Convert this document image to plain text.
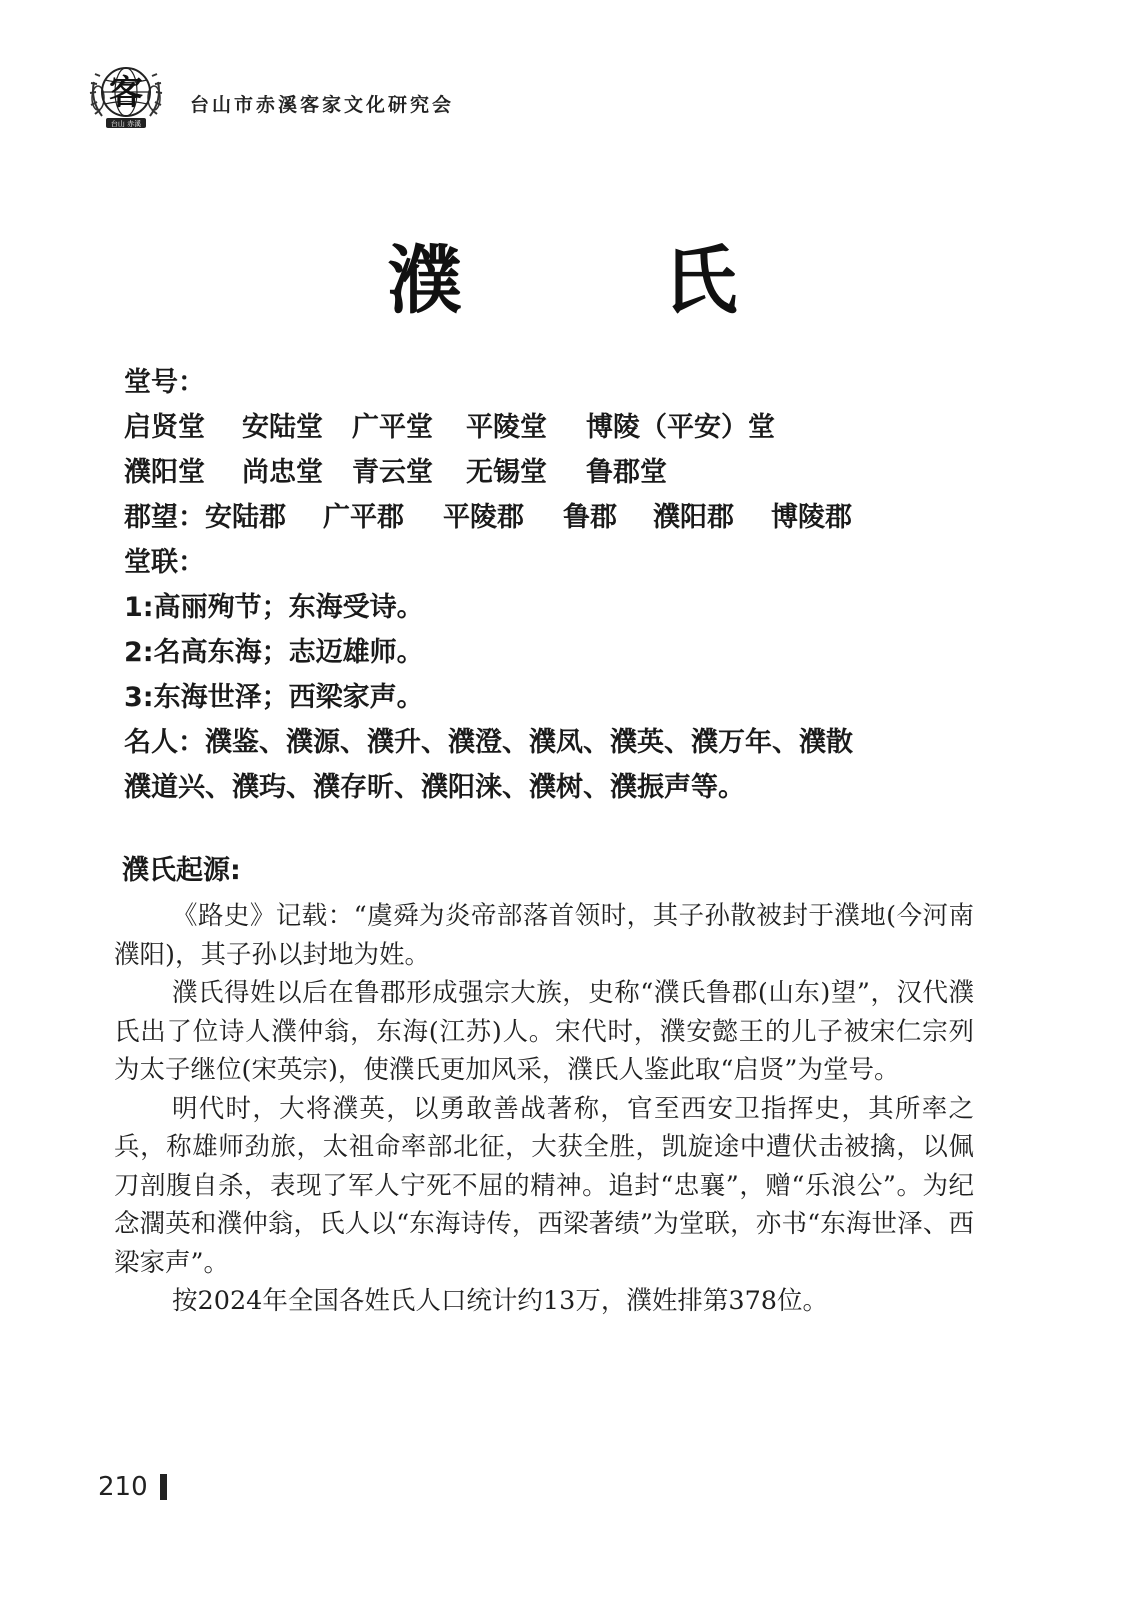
客
台山 赤溪
台山市赤溪客家文化研究会
濮 氏
堂号：
启贤堂 安陆堂 广平堂 平陵堂 博陵（平安）堂
濮阳堂 尚忠堂 青云堂 无锡堂 鲁郡堂
郡望：安陆郡 广平郡 平陵郡 鲁郡 濮阳郡 博陵郡
堂联：
1:高丽殉节；东海受诗。
2:名高东海；志迈雄师。
3:东海世泽；西梁家声。
名人：濮鉴、濮源、濮升、濮澄、濮凤、濮英、濮万年、濮散
濮道兴、濮玙、濮存昕、濮阳涞、濮树、濮振声等。
濮氏起源:

《路史》记载：“虞舜为炎帝部落首领时，其子孙散被封于濮地(今河南濮阳)，其子孙以封地为姓。

濮氏得姓以后在鲁郡形成强宗大族，史称“濮氏鲁郡(山东)望”，汉代濮氏出了位诗人濮仲翁，东海(江苏)人。宋代时，濮安懿王的儿子被宋仁宗列为太子继位(宋英宗)，使濮氏更加风采，濮氏人鉴此取“启贤”为堂号。

明代时，大将濮英，以勇敢善战著称，官至西安卫指挥史，其所率之兵，称雄师劲旅，太祖命率部北征，大获全胜，凯旋途中遭伏击被擒，以佩刀剖腹自杀，表现了军人宁死不屈的精神。追封“忠襄”，赠“乐浪公”。为纪念濶英和濮仲翁，氏人以“东海诗传，西梁著绩”为堂联，亦书“东海世泽、西梁家声”。

按2024年全国各姓氏人口统计约13万，濮姓排第378位。

210
